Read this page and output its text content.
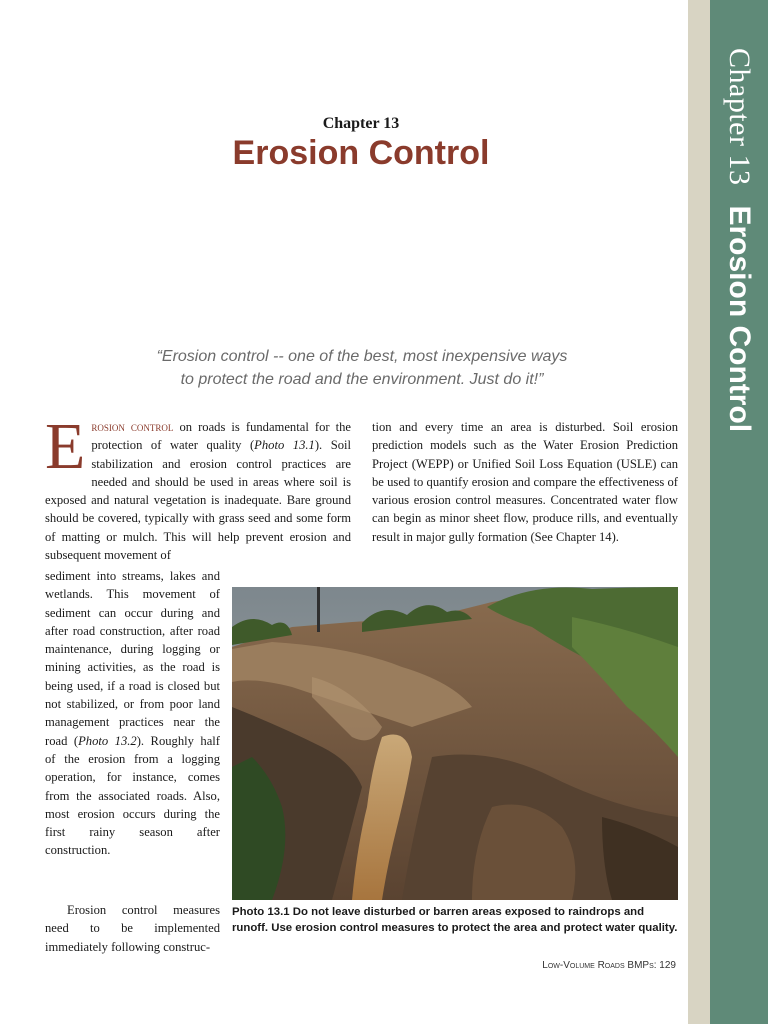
Chapter 13Erosion Control
Chapter 13
Erosion Control
“Erosion control -- one of the best, most inexpensive ways
to protect the road and the environment. Just do it!”

Erosion control on roads is fundamental for the protection of water quality (Photo 13.1). Soil stabilization and erosion control practices are needed and should be used in areas where soil is exposed and natural vegetation is inadequate. Bare ground should be covered, typically with grass seed and some form of matting or mulch. This will help prevent erosion and subsequent movement of

sediment into streams, lakes and wetlands. This movement of sediment can occur during and after road construction, after road maintenance, during logging or mining activities, as the road is being used, if a road is closed but not stabilized, or from poor land management practices near the road (Photo 13.2). Roughly half of the erosion from a logging operation, for instance, comes from the associated roads. Also, most erosion occurs during the first rainy season after construction.

Erosion control measures need to be implemented immediately following construc-

tion and every time an area is disturbed. Soil erosion prediction models such as the Water Erosion Prediction Project (WEPP) or Unified Soil Loss Equation (USLE) can be used to quantify erosion and compare the effectiveness of various erosion control measures. Concentrated water flow can begin as minor sheet flow, produce rills, and eventually result in major gully formation (See Chapter 14).

Photo 13.1 Do not leave disturbed or barren areas exposed to raindrops and runoff. Use erosion control measures to protect the area and protect water quality.
Low-Volume Roads BMPs: 129
